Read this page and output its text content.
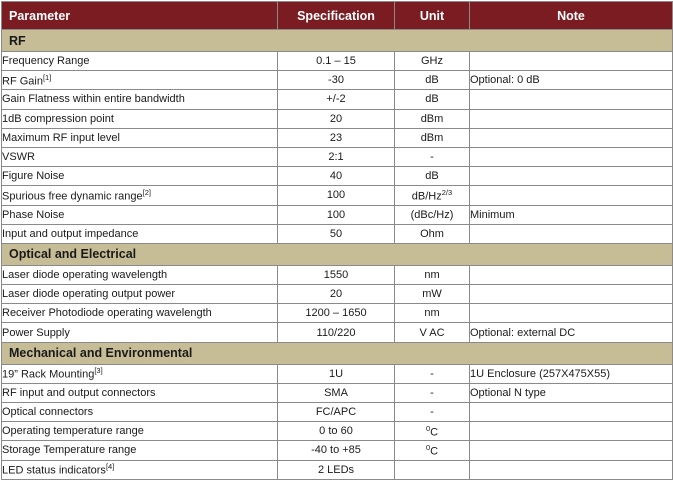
Parameter	Specification	Unit	Note
RF			
Frequency Range	0.1 – 15	GHz	
RF Gain[1]	-30	dB	Optional: 0 dB
Gain Flatness within entire bandwidth	+/-2	dB	
1dB compression point	20	dBm	
Maximum RF input level	23	dBm	
VSWR	2:1	-	
Figure Noise	40	dB	
Spurious free dynamic range[2]	100	$dB/Hz^{2/3}$	
Phase Noise	100	(dBc/Hz)	Minimum
Input and output impedance	50	Ohm	
Optical and Electrical			
Laser diode operating wavelength	1550	nm	
Laser diode operating output power	20	mW	
Receiver Photodiode operating wavelength	1200 – 1650	nm	
Power Supply	110/220	V AC	Optional: external DC
Mechanical and Environmental			
19” Rack Mounting[3]	1U	-	1U Enclosure (257X475X55)
RF input and output connectors	SMA	-	Optional N type
Optical connectors	FC/APC	-	
Operating temperature range	0 to 60	$^0$C	
Storage Temperature range	-40 to +85	$^0$C	
LED status indicators[4]	2 LEDs		
